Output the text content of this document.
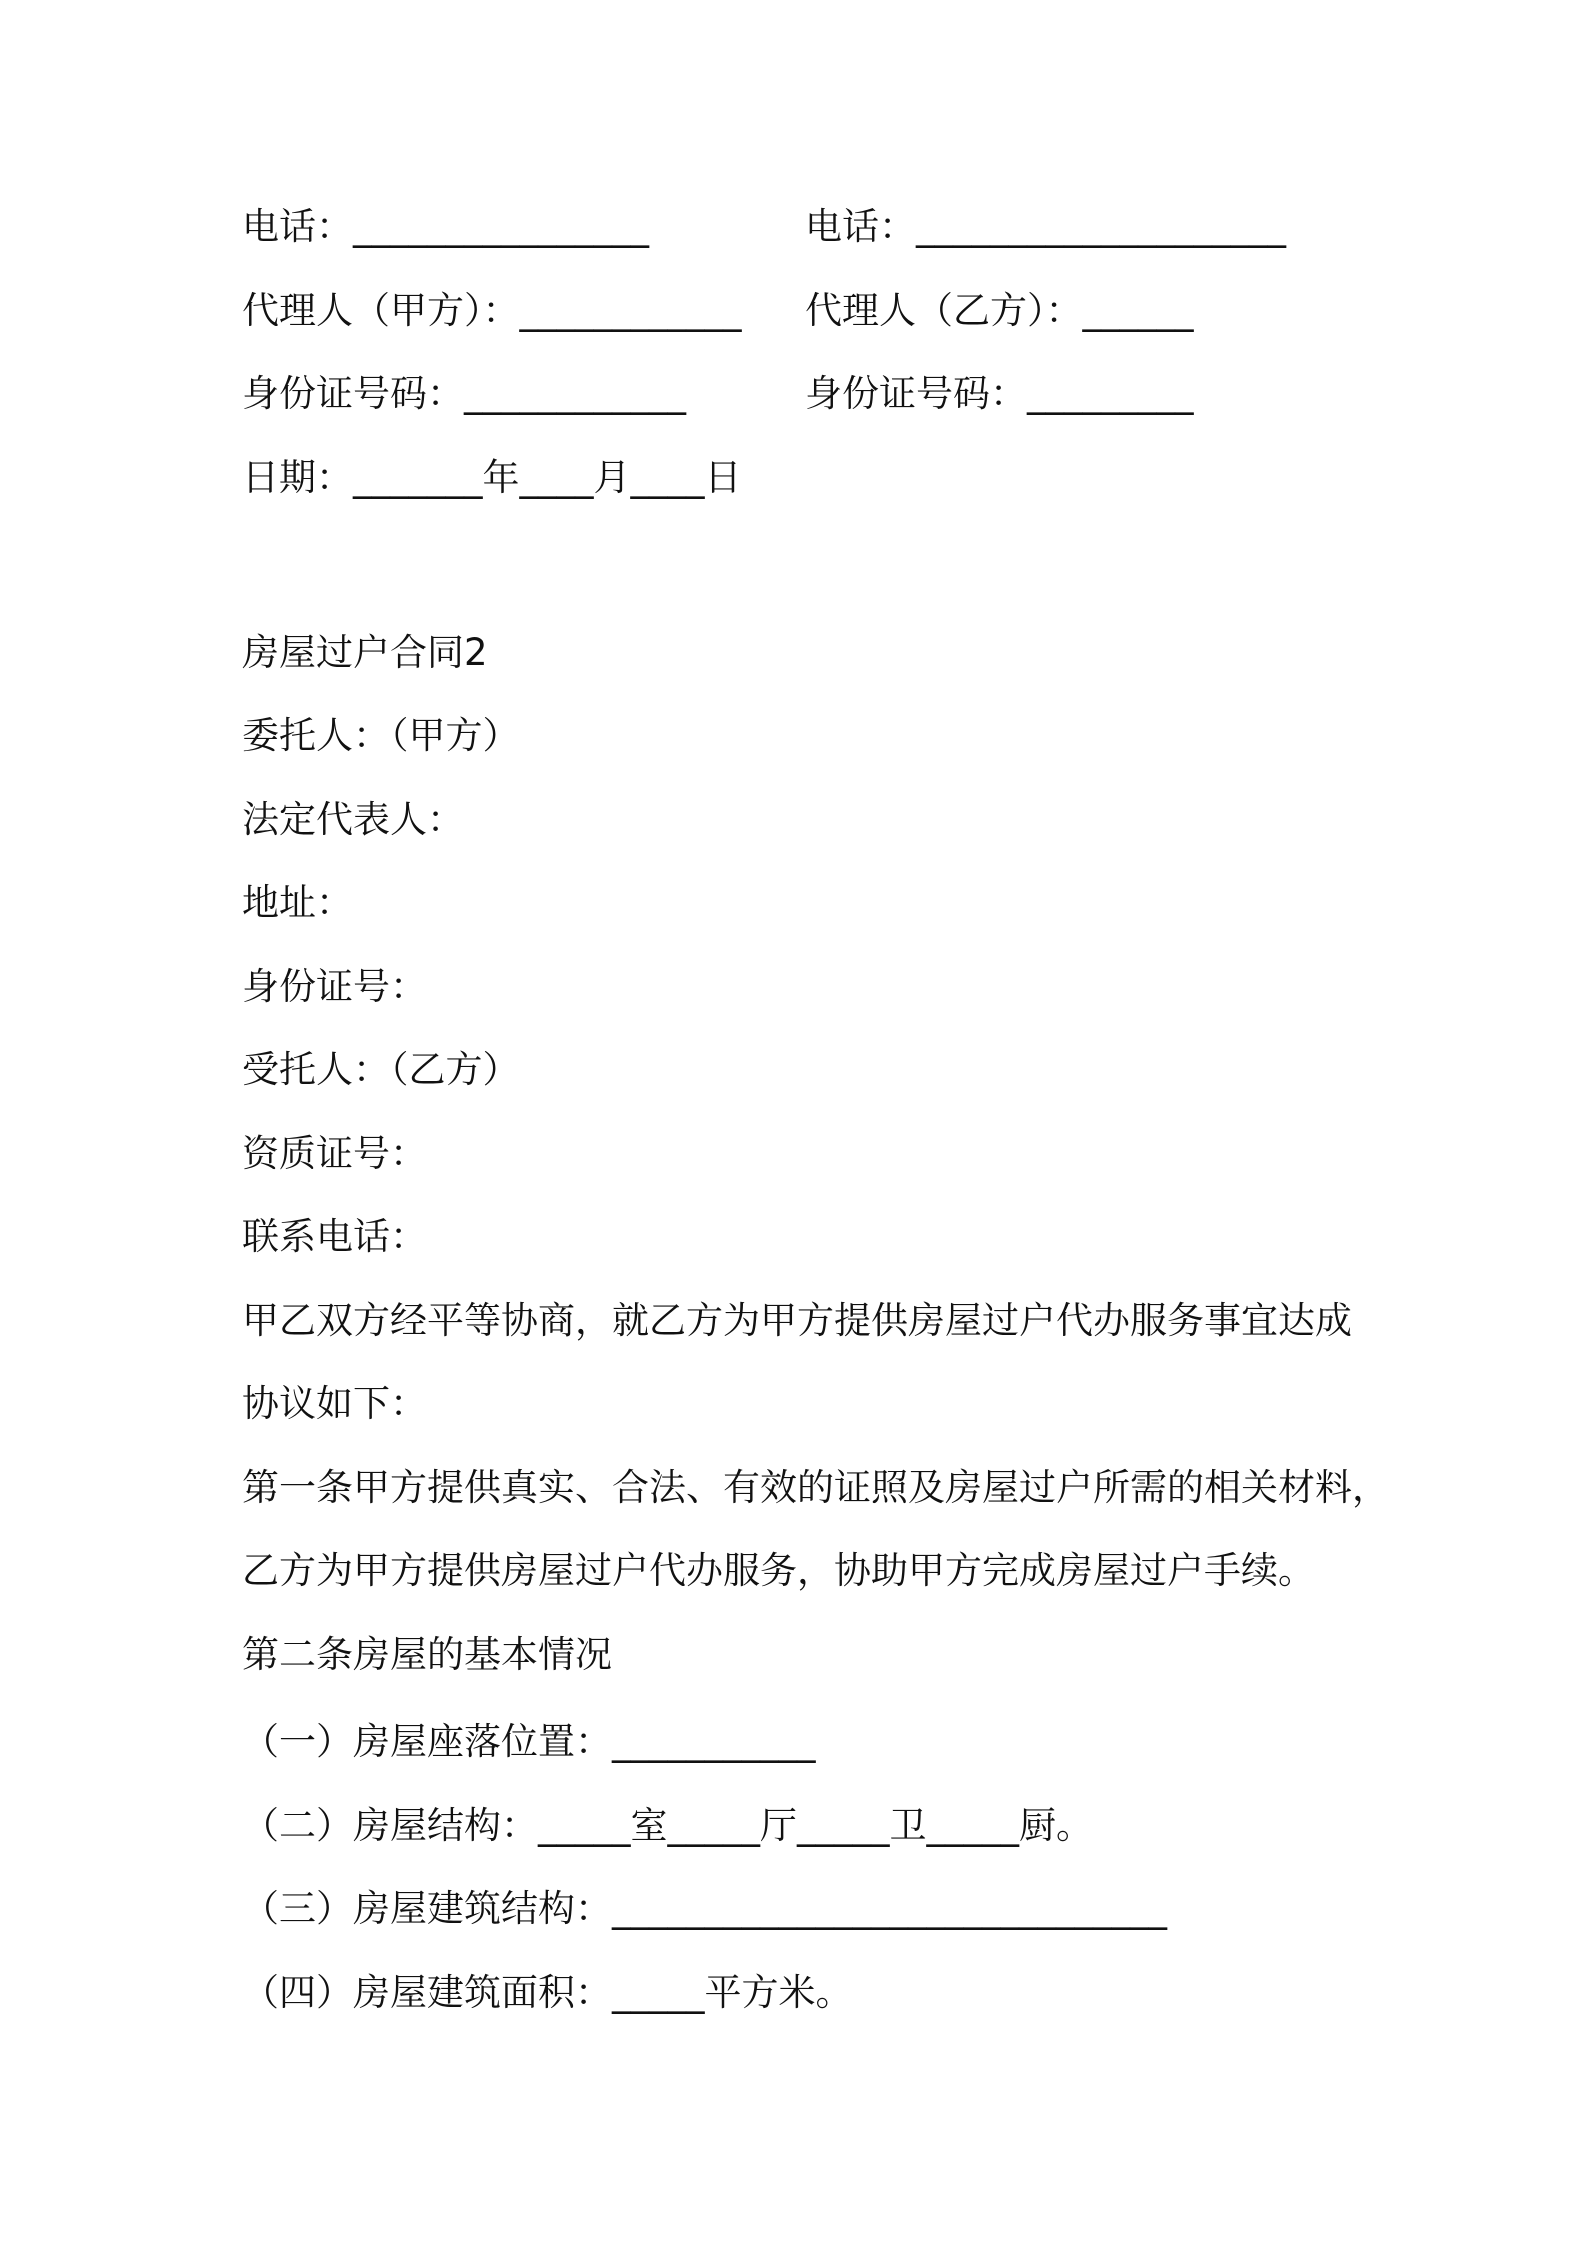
电话：________________	电话：____________________
代理人（甲方）：____________ 代理人（乙方）：______
身份证号码：____________	身份证号码：_________
日期：_______年____月____日
房屋过户合同2
委托人：（甲方）
法定代表人：
地址：
身份证号：
受托人：（乙方）
资质证号：
联系电话：
甲乙双方经平等协商，就乙方为甲方提供房屋过户代办服务事宜达成
协议如下：
第一条甲方提供真实、合法、有效的证照及房屋过户所需的相关材料，
乙方为甲方提供房屋过户代办服务，协助甲方完成房屋过户手续。
第二条房屋的基本情况
（一）房屋座落位置：___________
（二）房屋结构：_____室_____厅_____卫_____厨。
（三）房屋建筑结构：______________________________
（四）房屋建筑面积：_____平方米。
